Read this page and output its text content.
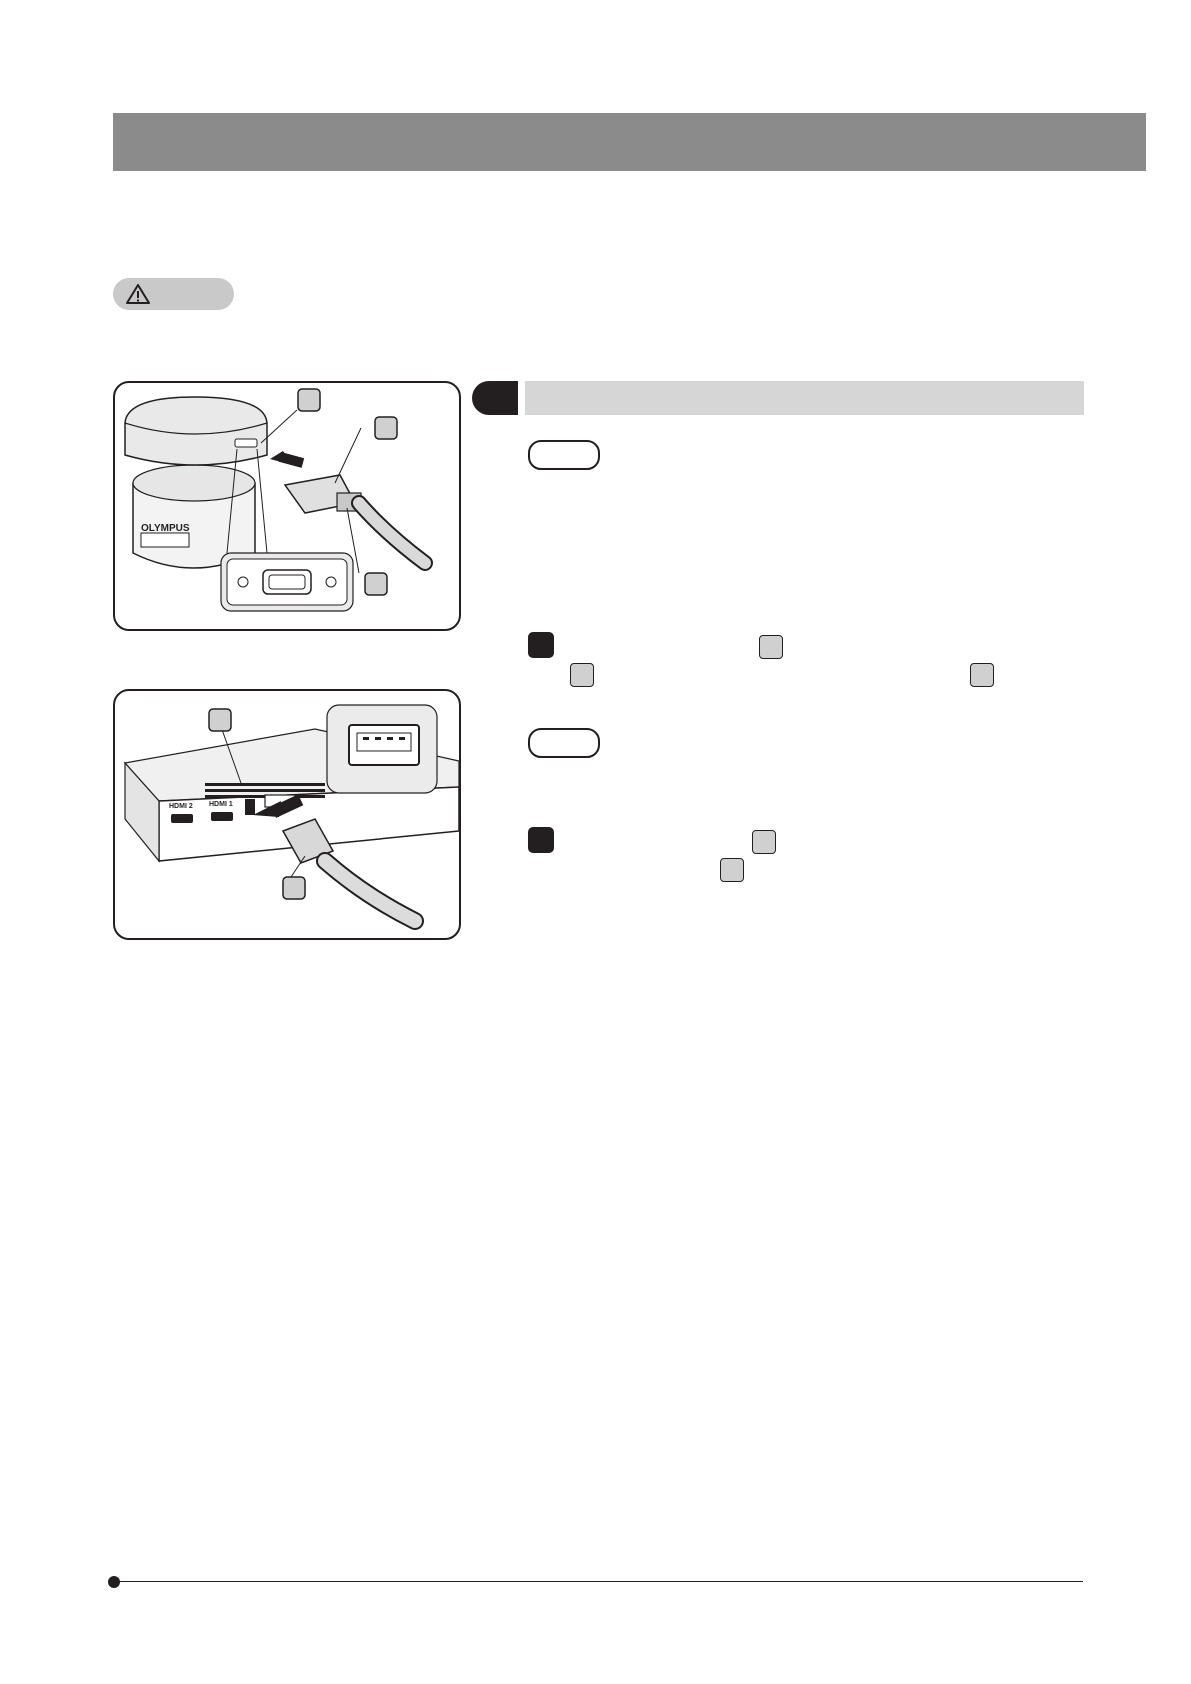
OLYMPUS
HDMI 2 HDMI 1
